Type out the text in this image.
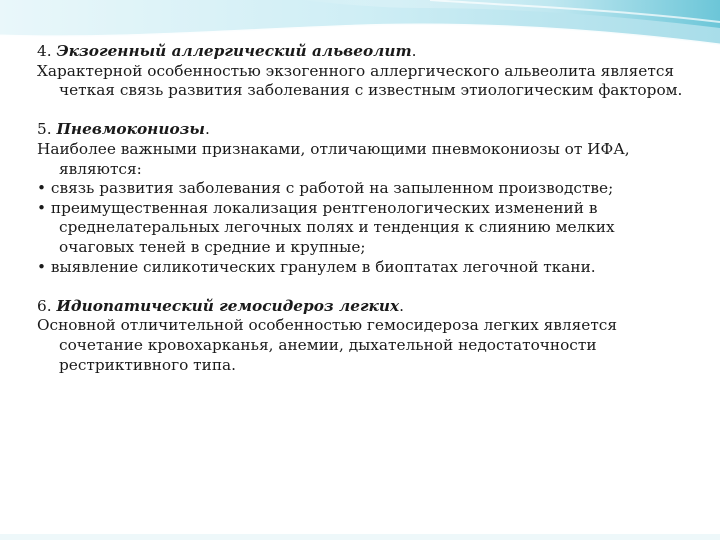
4. Экзогенный аллергический альвеолит.

Характерной особенностью экзогенного аллергического альвеолита является четкая связь развития заболевания с известным этиологическим фактором.

5. Пневмокониозы.

Наиболее важными признаками, отличающими пневмокониозы от ИФА, являются:
• связь развития заболевания с работой на запыленном производстве;
• преимущественная локализация рентгенологических изменений в среднелатеральных легочных полях и тенденция к слиянию мелких очаговых теней в средние и крупные;
• выявление силикотических гранулем в биоптатах легочной ткани.

6. Идиопатический гемосидероз легких.

Основной отличительной особенностью гемосидероза легких является сочетание кровохарканья, анемии, дыхательной недостаточности рестриктивного типа.
